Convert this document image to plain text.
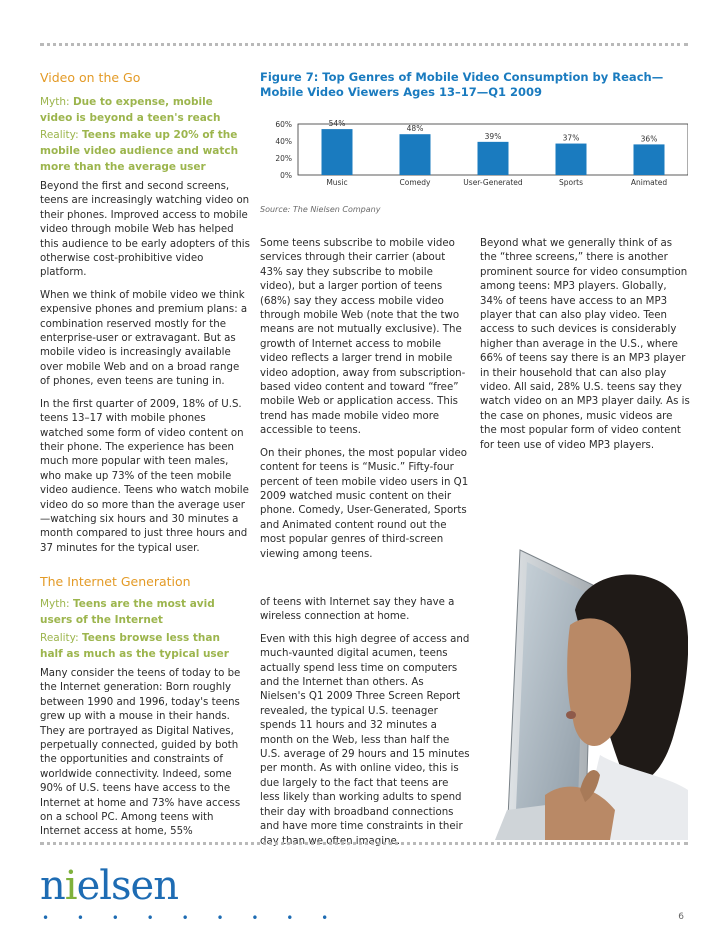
Video on the Go
Myth: Due to expense, mobile video is beyond a teen's reach
Reality: Teens make up 20% of the mobile video audience and watch more than the average user

Beyond the first and second screens, teens are increasingly watching video on their phones. Improved access to mobile video through mobile Web has helped this audience to be early adopters of this otherwise cost-prohibitive video platform.

When we think of mobile video we think expensive phones and premium plans: a combination reserved mostly for the enterprise-user or extravagant. But as mobile video is increasingly available over mobile Web and on a broad range of phones, even teens are tuning in.

In the first quarter of 2009, 18% of U.S. teens 13–17 with mobile phones watched some form of video content on their phone. The experience has been much more popular with teen males, who make up 73% of the teen mobile video audience. Teens who watch mobile video do so more than the average user—watching six hours and 30 minutes a month compared to just three hours and 37 minutes for the typical user.

Figure 7: Top Genres of Mobile Video Consumption by Reach—Mobile Video Viewers Ages 13–17—Q1 2009
0%
20%
40%
60%	54%
48%
39%	37%	36%
Music	Comedy	User-Generated	Sports	Animated
Source: The Nielsen Company

Some teens subscribe to mobile video services through their carrier (about 43% say they subscribe to mobile video), but a larger portion of teens (68%) say they access mobile video through mobile Web (note that the two means are not mutually exclusive). The growth of Internet access to mobile video reflects a larger trend in mobile video adoption, away from subscription-based video content and toward “free” mobile Web or application access. This trend has made mobile video more accessible to teens.

On their phones, the most popular video content for teens is “Music.” Fifty-four percent of teen mobile video users in Q1 2009 watched music content on their phone. Comedy, User-Generated, Sports and Animated content round out the most popular genres of third-screen viewing among teens.

Beyond what we generally think of as the “three screens,” there is another prominent source for video consumption among teens: MP3 players. Globally, 34% of teens have access to an MP3 player that can also play video. Teen access to such devices is considerably higher than average in the U.S., where 66% of teens say there is an MP3 player in their household that can also play video. All said, 28% U.S. teens say they watch video on an MP3 player daily. As is the case on phones, music videos are the most popular form of video content for teen use of video MP3 players.

The Internet Generation
Myth: Teens are the most avid users of the Internet
Reality: Teens browse less than half as much as the typical user

Many consider the teens of today to be the Internet generation: Born roughly between 1990 and 1996, today's teens grew up with a mouse in their hands. They are portrayed as Digital Natives, perpetually connected, guided by both the opportunities and constraints of worldwide connectivity. Indeed, some 90% of U.S. teens have access to the Internet at home and 73% have access on a school PC. Among teens with Internet access at home, 55%

of teens with Internet say they have a wireless connection at home.

Even with this high degree of access and much-vaunted digital acumen, teens actually spend less time on computers and the Internet than others. As Nielsen's Q1 2009 Three Screen Report revealed, the typical U.S. teenager spends 11 hours and 32 minutes a month on the Web, less than half the U.S. average of 29 hours and 15 minutes per month. As with online video, this is due largely to the fact that teens are less likely than working adults to spend their day with broadband connections and have more time constraints in their day than we often imagine.

nielsen
• • • • • • • • •	6
